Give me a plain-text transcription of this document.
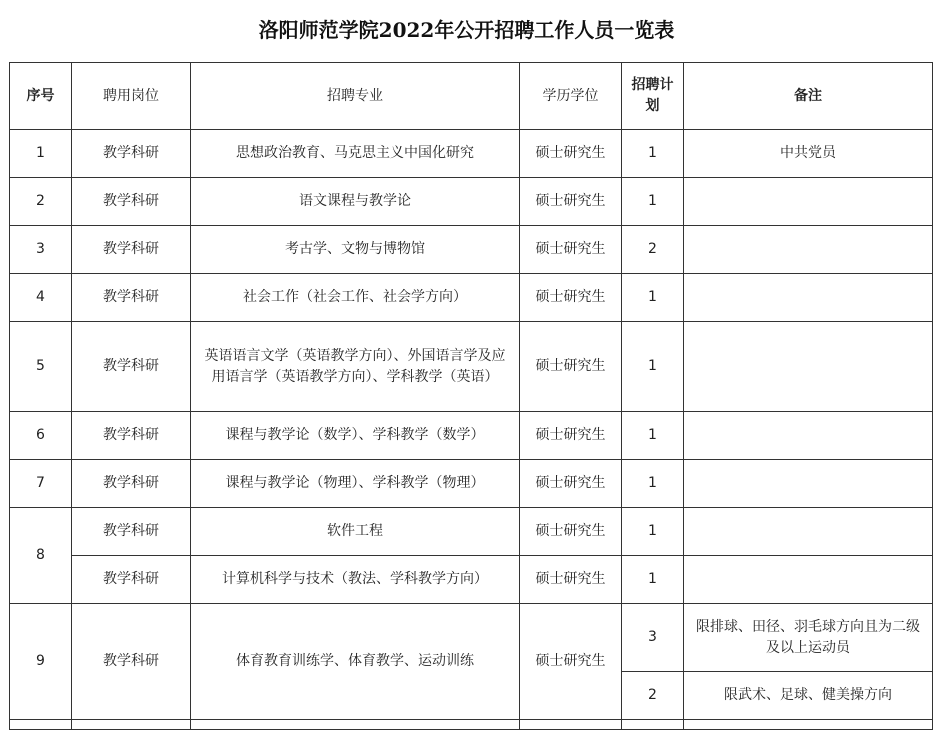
洛阳师范学院2022年公开招聘工作人员一览表
序号	聘用岗位	招聘专业	学历学位	招聘计划	备注
1	教学科研	思想政治教育、马克思主义中国化研究	硕士研究生	1	中共党员
2	教学科研	语文课程与教学论	硕士研究生	1	
3	教学科研	考古学、文物与博物馆	硕士研究生	2	
4	教学科研	社会工作（社会工作、社会学方向）	硕士研究生	1	
5	教学科研	英语语言文学（英语教学方向）、外国语言学及应用语言学（英语教学方向）、学科教学（英语）	硕士研究生	1	
6	教学科研	课程与教学论（数学）、学科教学（数学）	硕士研究生	1	
7	教学科研	课程与教学论（物理）、学科教学（物理）	硕士研究生	1	
8	教学科研	软件工程	硕士研究生	1	
	教学科研	计算机科学与技术（教法、学科教学方向）	硕士研究生	1	
9	教学科研	体育教育训练学、体育教学、运动训练	硕士研究生	3	限排球、田径、羽毛球方向且为二级及以上运动员
				2	限武术、足球、健美操方向
